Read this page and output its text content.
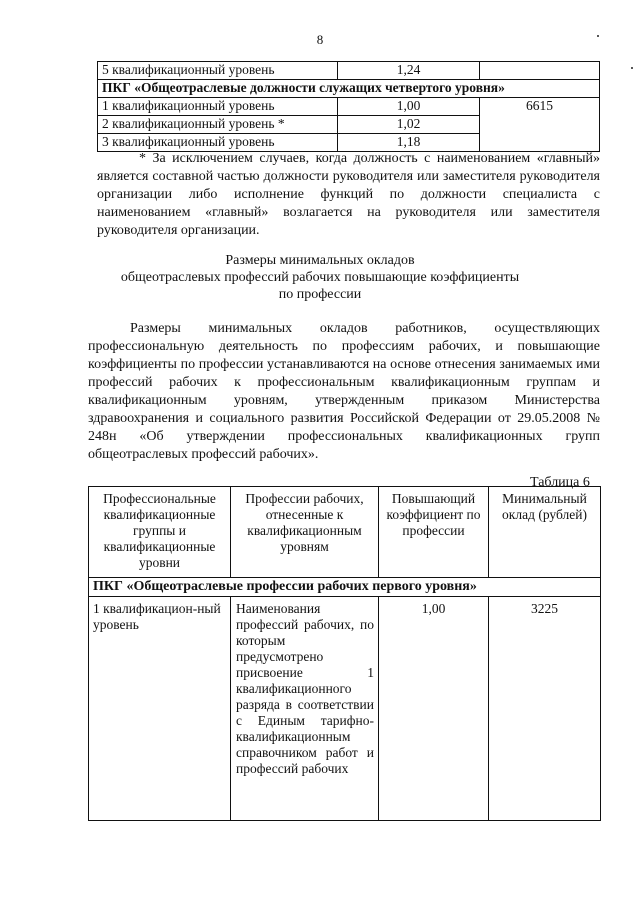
8
5 квалификационный уровень	1,24	
ПКГ «Общеотраслевые должности служащих четвертого уровня»		
1 квалификационный уровень	1,00	6615
2 квалификационный уровень *	1,02	
3 квалификационный уровень	1,18	
* За исключением случаев, когда должность с наименованием «главный» является составной частью должности руководителя или заместителя руководителя организации либо исполнение функций по должности специалиста с наименованием «главный» возлагается на руководителя или заместителя руководителя организации.
Размеры минимальных окладов
общеотраслевых профессий рабочих повышающие коэффициенты
по профессии
Размеры минимальных окладов работников, осуществляющих профессиональную деятельность по профессиям рабочих, и повышающие коэффициенты по профессии устанавливаются на основе отнесения занимаемых ими профессий рабочих к профессиональным квалификационным группам и квалификационным уровням, утвержденным приказом Министерства здравоохранения и социального развития Российской Федерации от 29.05.2008 № 248н «Об утверждении профессиональных квалификационных групп общеотраслевых профессий рабочих».
Таблица 6
Профессиональные квалификационные группы и квалификационные уровни	Профессии рабочих, отнесенные к квалификационным уровням	Повышающий коэффициент по профессии	Минимальный оклад (рублей)
ПКГ «Общеотраслевые профессии рабочих первого уровня»			
1 квалификацион-ный уровень	Наименования профессий рабочих, по которым предусмотрено присвоение 1 квалификационного разряда в соответствии с Единым тарифно-квалификационным справочником работ и профессий рабочих	1,00	3225
